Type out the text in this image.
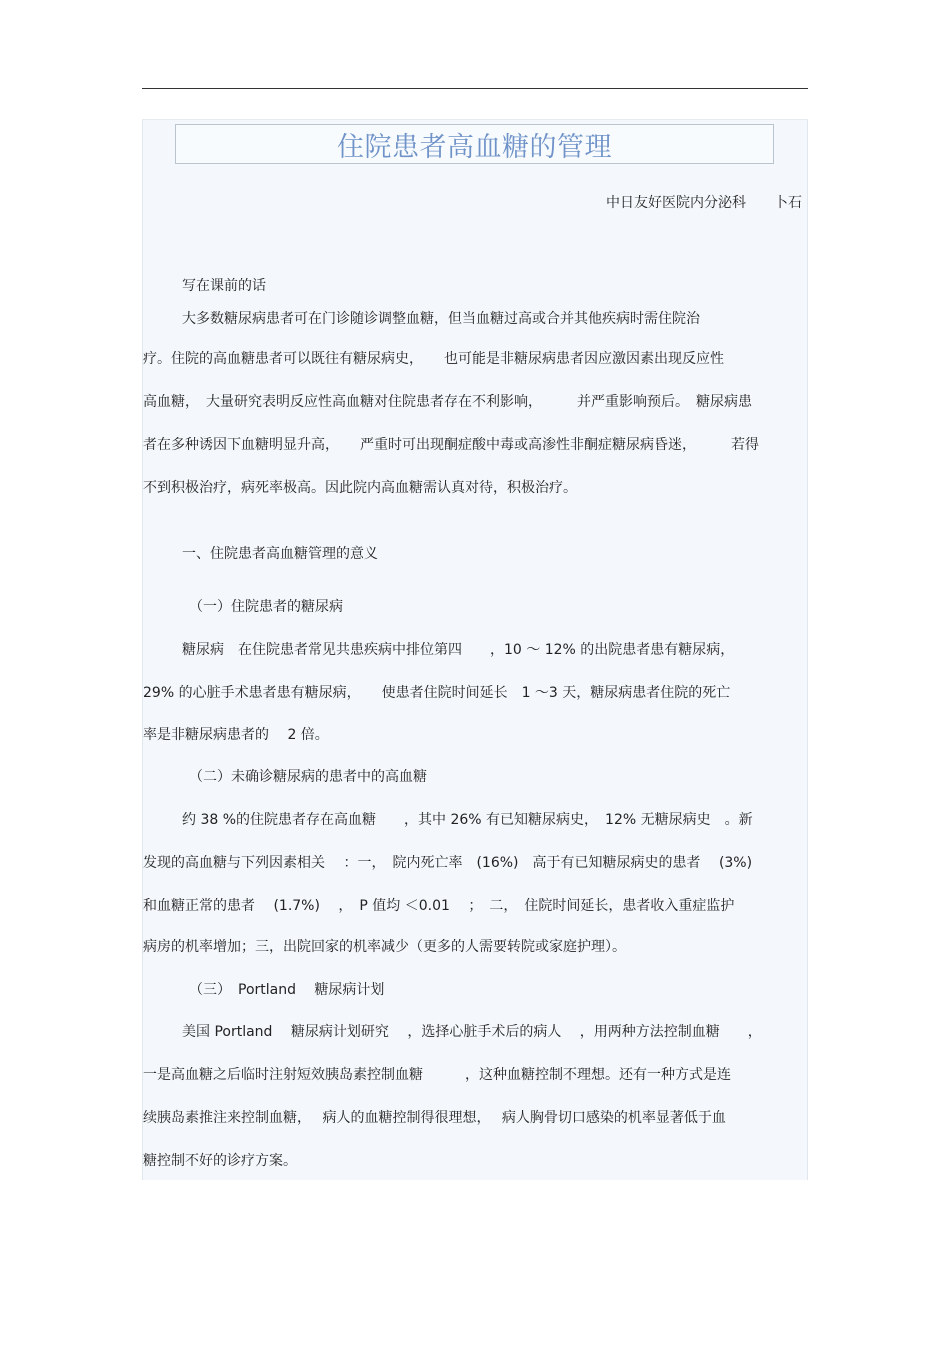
住院患者高血糖的管理
中日友好医院内分泌科　　卜石
写在课前的话
大多数糖尿病患者可在门诊随诊调整血糖，但当血糖过高或合并其他疾病时需住院治
疗。住院的高血糖患者可以既往有糖尿病史，　　也可能是非糖尿病患者因应激因素出现反应性
高血糖，　大量研究表明反应性高血糖对住院患者存在不利影响，　　　并严重影响预后。　糖尿病患
者在多种诱因下血糖明显升高，　　严重时可出现酮症酸中毒或高渗性非酮症糖尿病昏迷，　　　若得
不到积极治疗，病死率极高。因此院内高血糖需认真对待，积极治疗。
一、住院患者高血糖管理的意义
（一）住院患者的糖尿病
糖尿病　在住院患者常见共患疾病中排位第四　　，10 ～ 12% 的出院患者患有糖尿病，
29% 的心脏手术患者患有糖尿病，　　使患者住院时间延长　1 ～3 天，糖尿病患者住院的死亡
率是非糖尿病患者的　 2 倍。
（二）未确诊糖尿病的患者中的高血糖
约 38 %的住院患者存在高血糖　　，其中 26% 有已知糖尿病史，　12% 无糖尿病史　。新
发现的高血糖与下列因素相关　 ：一，　院内死亡率　(16%)　高于有已知糖尿病史的患者　 (3%)
和血糖正常的患者　 (1.7%)　 ，　P 值均 ＜0.01　 ；　二，　住院时间延长，患者收入重症监护
病房的机率增加；三，出院回家的机率减少（更多的人需要转院或家庭护理）。
（三）　Portland　 糖尿病计划
美国 Portland　 糖尿病计划研究　 ，选择心脏手术后的病人　 ，用两种方法控制血糖　　，
一是高血糖之后临时注射短效胰岛素控制血糖　　　，这种血糖控制不理想。还有一种方式是连
续胰岛素推注来控制血糖，　 病人的血糖控制得很理想，　 病人胸骨切口感染的机率显著低于血
糖控制不好的诊疗方案。
